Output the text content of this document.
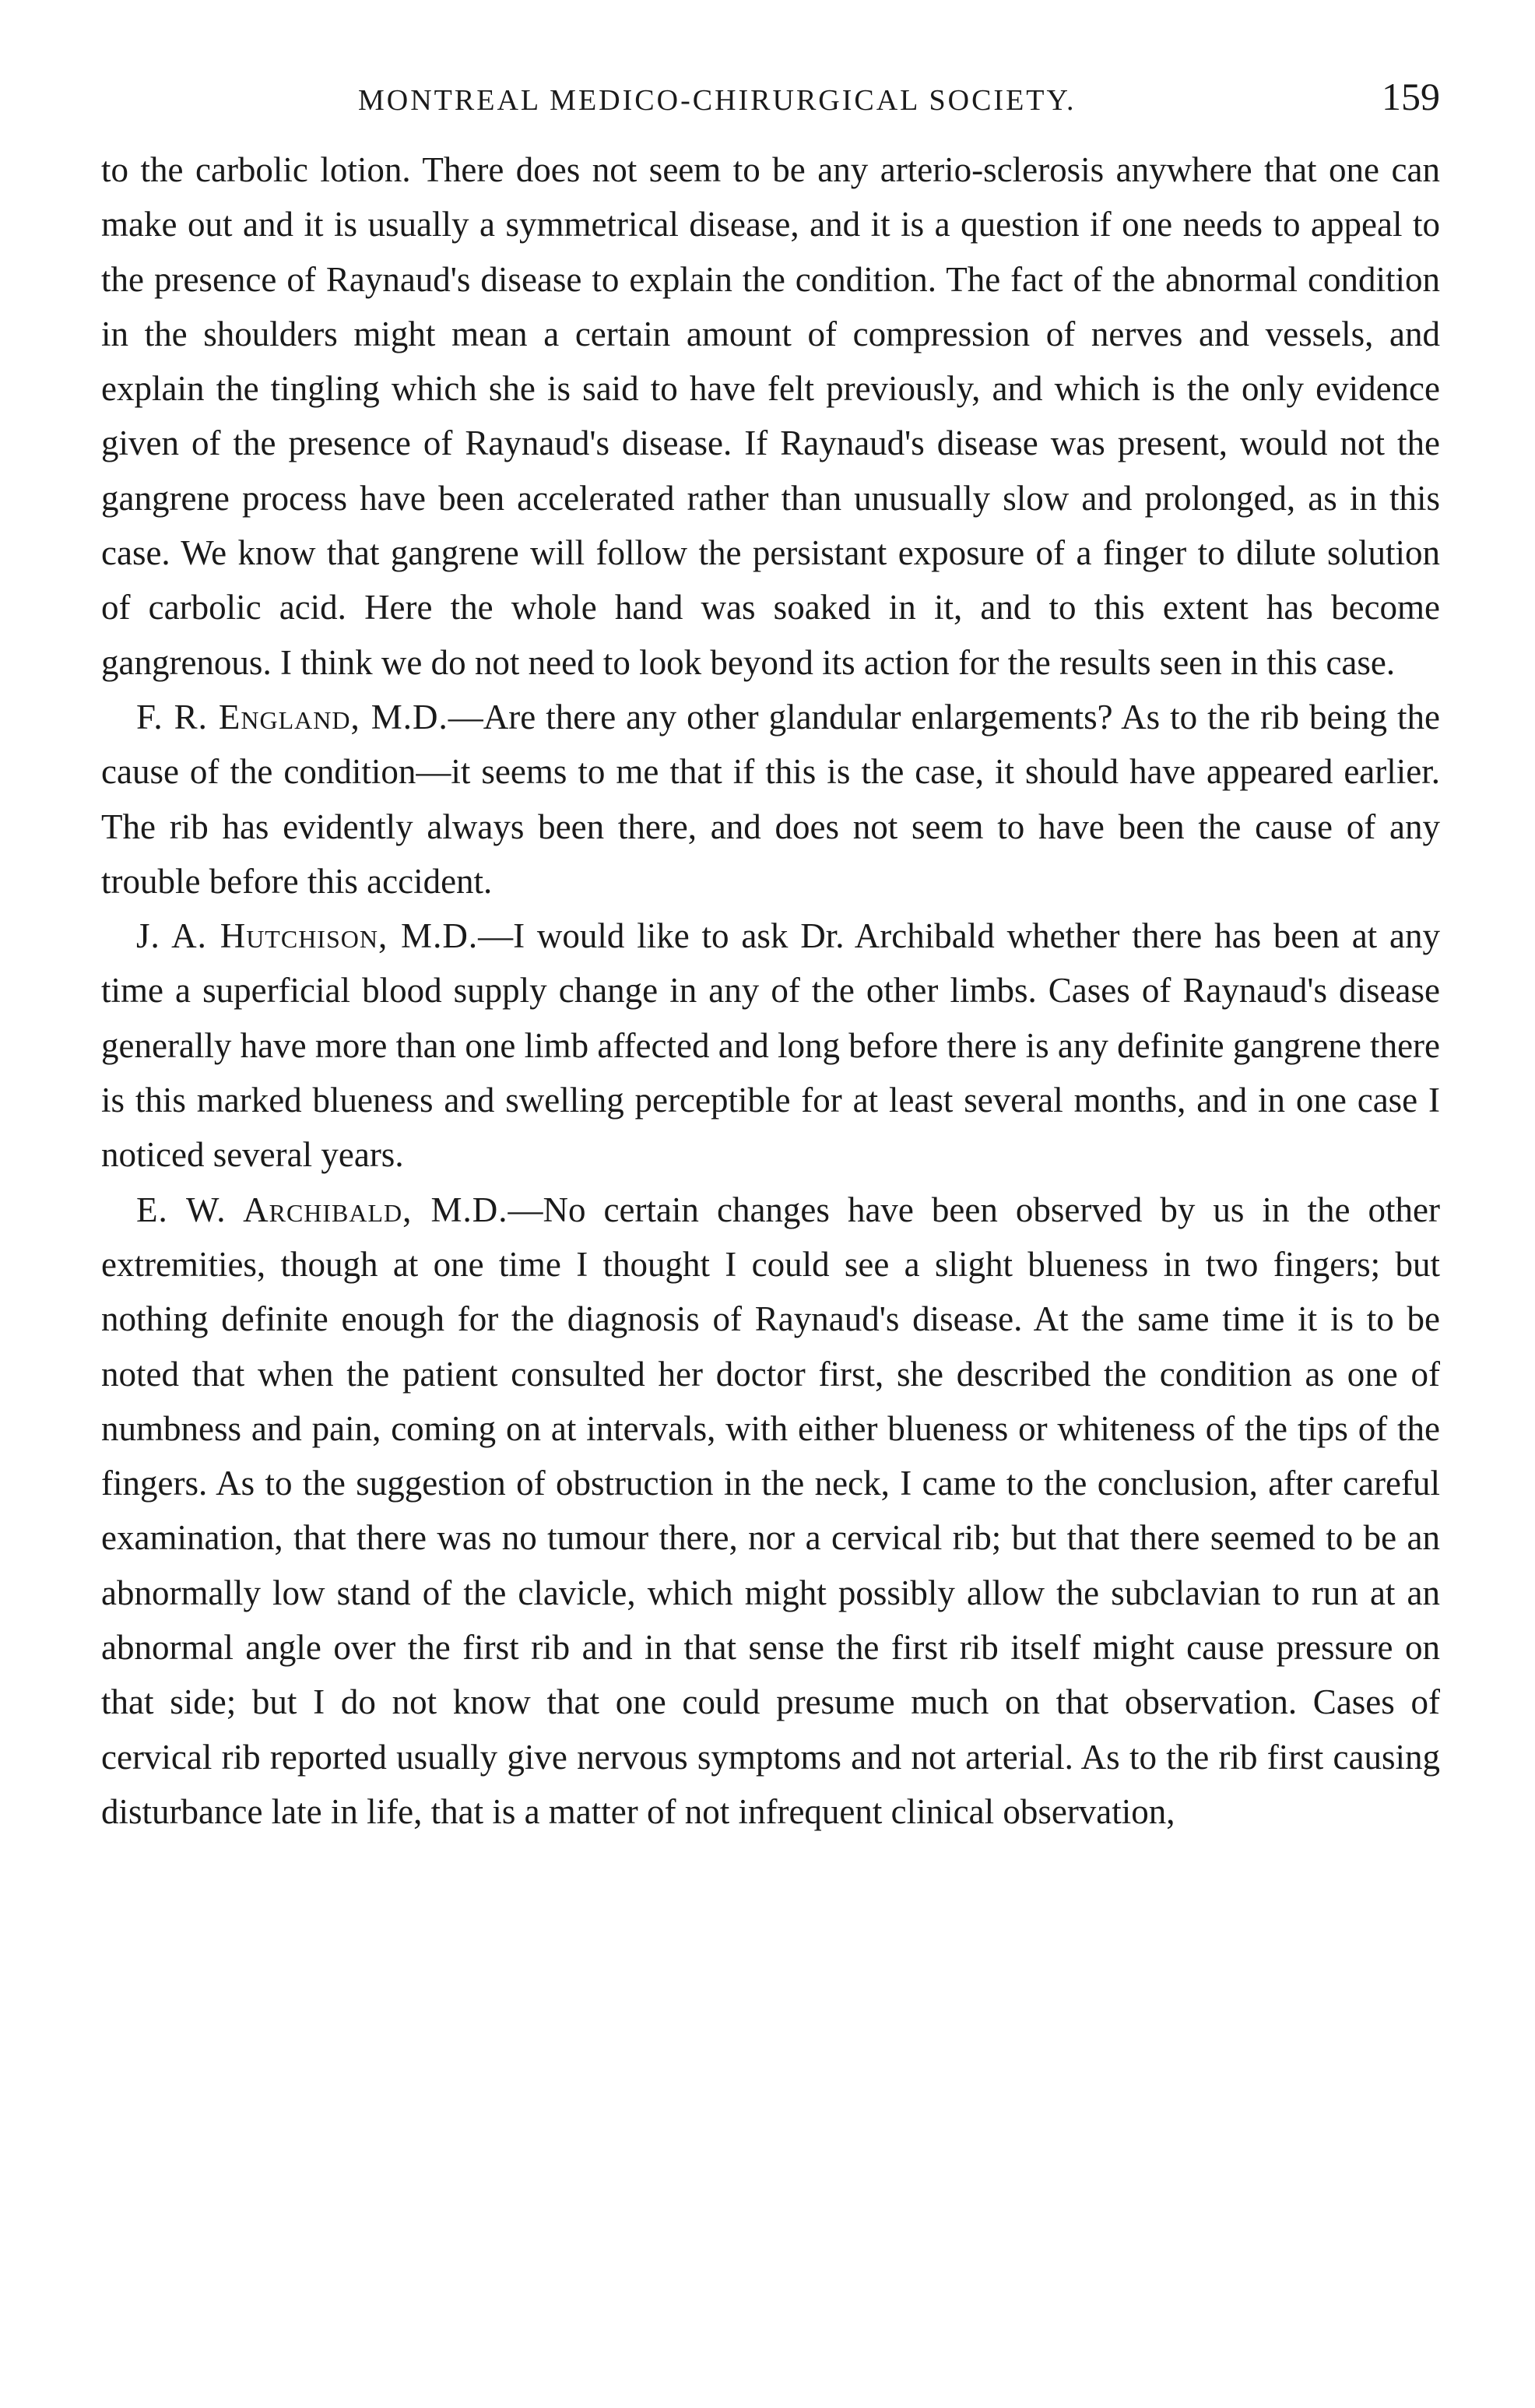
MONTREAL MEDICO-CHIRURGICAL SOCIETY.	159

to the carbolic lotion. There does not seem to be any arterio-sclerosis anywhere that one can make out and it is usually a symmetrical disease, and it is a question if one needs to appeal to the presence of Raynaud's disease to explain the condition. The fact of the abnormal condition in the shoulders might mean a certain amount of compression of nerves and vessels, and explain the tingling which she is said to have felt previously, and which is the only evidence given of the presence of Raynaud's disease. If Raynaud's disease was present, would not the gangrene process have been accelerated rather than unusually slow and prolonged, as in this case. We know that gangrene will follow the persistant exposure of a finger to dilute solution of carbolic acid. Here the whole hand was soaked in it, and to this extent has become gangrenous. I think we do not need to look beyond its action for the results seen in this case.

F. R. England, M.D.—Are there any other glandular enlargements? As to the rib being the cause of the condition—it seems to me that if this is the case, it should have appeared earlier. The rib has evidently always been there, and does not seem to have been the cause of any trouble before this accident.

J. A. Hutchison, M.D.—I would like to ask Dr. Archibald whether there has been at any time a superficial blood supply change in any of the other limbs. Cases of Raynaud's disease generally have more than one limb affected and long before there is any definite gangrene there is this marked blueness and swelling perceptible for at least several months, and in one case I noticed several years.

E. W. Archibald, M.D.—No certain changes have been observed by us in the other extremities, though at one time I thought I could see a slight blueness in two fingers; but nothing definite enough for the diagnosis of Raynaud's disease. At the same time it is to be noted that when the patient consulted her doctor first, she described the condition as one of numbness and pain, coming on at intervals, with either blueness or whiteness of the tips of the fingers. As to the suggestion of obstruction in the neck, I came to the conclusion, after careful examination, that there was no tumour there, nor a cervical rib; but that there seemed to be an abnormally low stand of the clavicle, which might possibly allow the subclavian to run at an abnormal angle over the first rib and in that sense the first rib itself might cause pressure on that side; but I do not know that one could presume much on that observation. Cases of cervical rib reported usually give nervous symptoms and not arterial. As to the rib first causing disturbance late in life, that is a matter of not infrequent clinical observation,
